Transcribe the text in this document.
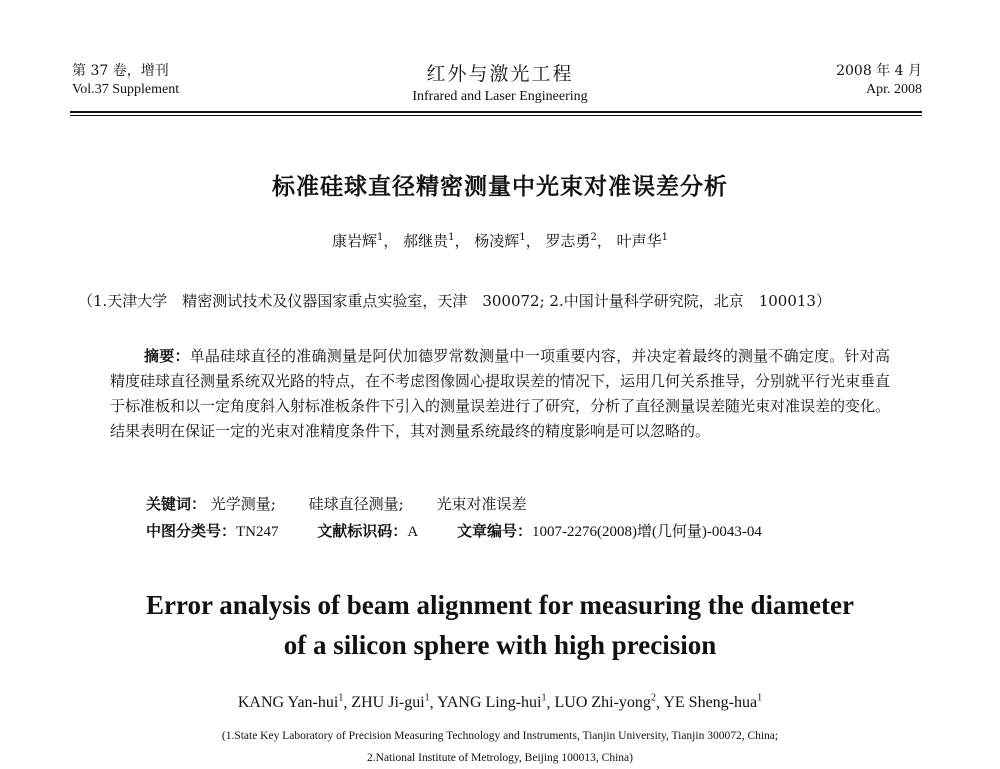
第 37 卷，增刊
Vol.37 Supplement
红外与激光工程
Infrared and Laser Engineering
2008 年 4 月
Apr. 2008
标准硅球直径精密测量中光束对准误差分析
康岩辉$^1$， 郝继贵$^1$， 杨凌辉$^1$， 罗志勇$^2$， 叶声华$^1$
（1.天津大学　精密测试技术及仪器国家重点实验室，天津　300072; 2.中国计量科学研究院，北京　100013）
摘要：单晶硅球直径的准确测量是阿伏加德罗常数测量中一项重要内容，并决定着最终的测量不确定度。针对高精度硅球直径测量系统双光路的特点，在不考虑图像圆心提取误差的情况下，运用几何关系推导，分别就平行光束垂直于标准板和以一定角度斜入射标准板条件下引入的测量误差进行了研究，分析了直径测量误差随光束对准误差的变化。结果表明在保证一定的光束对准精度条件下，其对测量系统最终的精度影响是可以忽略的。
关键词： 光学测量; 硅球直径测量; 光束对准误差
中图分类号：TN247	文献标识码：A	文章编号：1007-2276(2008)增(几何量)-0043-04
Error analysis of beam alignment for measuring the diameter
of a silicon sphere with high precision
KANG Yan-hui$^1$, ZHU Ji-gui$^1$, YANG Ling-hui$^1$, LUO Zhi-yong$^2$, YE Sheng-hua$^1$
(1.State Key Laboratory of Precision Measuring Technology and Instruments, Tianjin University, Tianjin 300072, China;
2.National Institute of Metrology, Beijing 100013, China)
